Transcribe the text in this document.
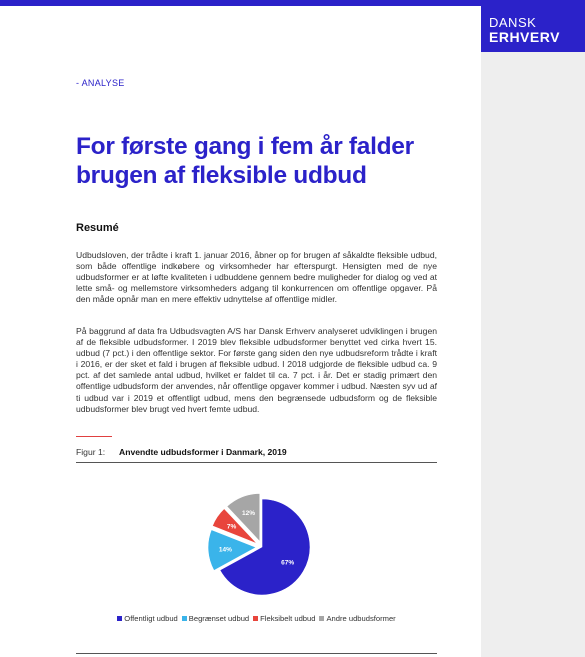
DANSK
ERHVERV
- ANALYSE
For første gang i fem år falder brugen af fleksible udbud
Resumé

Udbudsloven, der trådte i kraft 1. januar 2016, åbner op for brugen af såkaldte fleksible udbud, som både offentlige indkøbere og virksomheder har efterspurgt. Hensigten med de nye udbudsformer er at løfte kvaliteten i udbuddene gennem bedre muligheder for dialog og ved at lette små- og mellemstore virksomheders adgang til konkurrencen om offentlige opgaver. På den måde opnår man en mere effektiv udnyttelse af offentlige midler.

På baggrund af data fra Udbudsvagten A/S har Dansk Erhverv analyseret udviklingen i brugen af de fleksible udbudsformer. I 2019 blev fleksible udbudsformer benyttet ved cirka hvert 15. udbud (7 pct.) i den offentlige sektor. For første gang siden den nye udbudsreform trådte i kraft i 2016, er der sket et fald i brugen af fleksible udbud. I 2018 udgjorde de fleksible udbud ca. 9 pct. af det samlede antal udbud, hvilket er faldet til ca. 7 pct. i år. Det er stadig primært den offentlige udbudsform der anvendes, når offentlige opgaver kommer i udbud. Næsten syv ud af ti udbud var i 2019 et offentligt udbud, mens den begrænsede udbudsform og de fleksible udbudsformer blev brugt ved hvert femte udbud.

Figur 1: Anvendte udbudsformer i Danmark, 2019
67%
14%
7%
12%
Offentligt udbud Begrænset udbud Fleksibelt udbud Andre udbudsformer
